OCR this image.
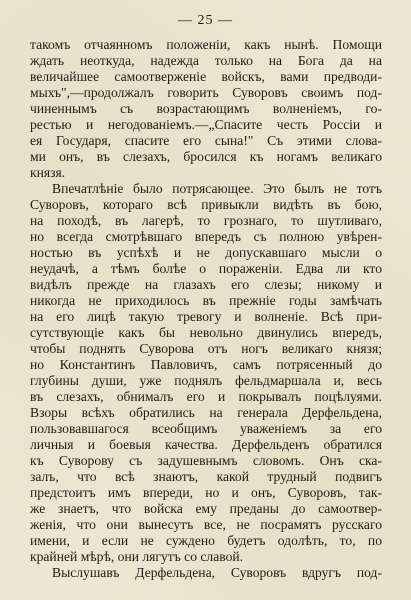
— 25 —
такомъ отчаянномъ положеніи, какъ нынѣ. Помощи
ждать неоткуда, надежда только на Бога да на
величайшее самоотверженіе войскъ, вами предводи-
мыхъ",—продолжалъ говорить Суворовъ своимъ под-
чиненнымъ съ возрастающимъ волненіемъ, го-
рестью и негодованіемъ.—„Спасите честь Россіи и
ея Государя, спасите его сына!" Съ этими слова-
ми онъ, въ слезахъ, бросился къ ногамъ великаго
князя.
Впечатлѣніе было потрясающее. Это былъ не тотъ
Суворовъ, котораго всѣ привыкли видѣть въ бою,
на походѣ, въ лагерѣ, то грознаго, то шутливаго,
но всегда смотрѣвшаго впередъ съ полною увѣрен-
ностью въ успѣхѣ и не допускавшаго мысли о
неудачѣ, а тѣмъ болѣе о пораженіи. Едва ли кто
видѣлъ прежде на глазахъ его слезы; никому и
никогда не приходилось въ прежніе годы замѣчать
на его лицѣ такую тревогу и волненіе. Всѣ при-
сутствующіе какъ бы невольно двинулись впередъ,
чтобы поднять Суворова отъ ногъ великаго князя;
но Константинъ Павловичъ, самъ потрясенный до
глубины души, уже поднялъ фельдмаршала и, весь
въ слезахъ, обнималъ его и покрывалъ поцѣлуями.
Взоры всѣхъ обратились на генерала Дерфельдена,
пользовавшагося всеобщимъ уваженіемъ за его
личныя и боевыя качества. Дерфельденъ обратился
къ Суворову съ задушевнымъ словомъ. Онъ ска-
залъ, что всѣ знаютъ, какой трудный подвигъ
предстоитъ имъ впереди, но и онъ, Суворовъ, так-
же знаетъ, что войска ему преданы до самоотвер-
женія, что они вынесутъ все, не посрамятъ русскаго
имени, и если не суждено будетъ одолѣть, то, по
крайней мѣрѣ, они лягутъ со славой.
Выслушавъ Дерфельдена, Суворовъ вдругъ под-
